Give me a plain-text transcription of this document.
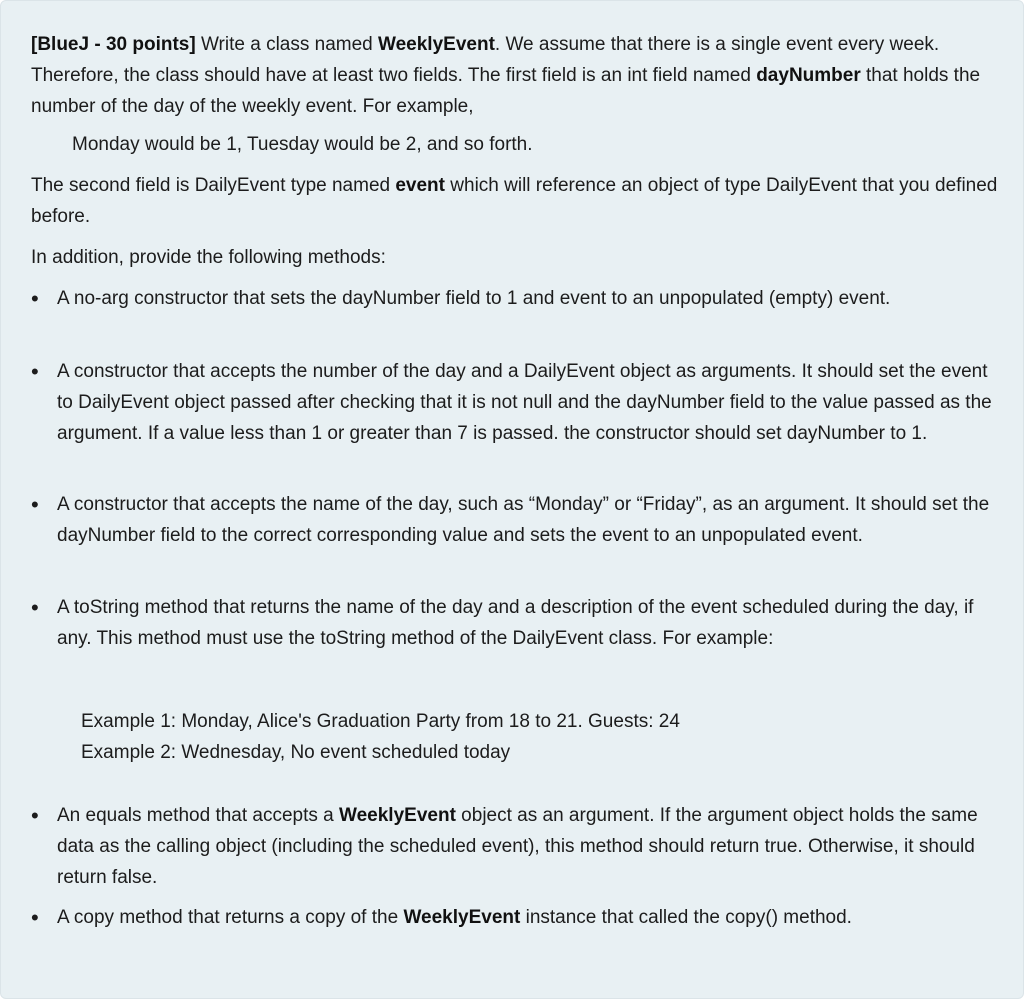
[BlueJ - 30 points] Write a class named WeeklyEvent. We assume that there is a single event every week. Therefore, the class should have at least two fields. The first field is an int field named dayNumber that holds the number of the day of the weekly event. For example,

Monday would be 1, Tuesday would be 2, and so forth.

The second field is DailyEvent type named event which will reference an object of type DailyEvent that you defined before.

In addition, provide the following methods:

• A no-arg constructor that sets the dayNumber field to 1 and event to an unpopulated (empty) event.

• A constructor that accepts the number of the day and a DailyEvent object as arguments. It should set the event to DailyEvent object passed after checking that it is not null and the dayNumber field to the value passed as the argument. If a value less than 1 or greater than 7 is passed. the constructor should set dayNumber to 1.

• A constructor that accepts the name of the day, such as “Monday” or “Friday”, as an argument. It should set the dayNumber field to the correct corresponding value and sets the event to an unpopulated event.

• A toString method that returns the name of the day and a description of the event scheduled during the day, if any. This method must use the toString method of the DailyEvent class. For example:

Example 1: Monday, Alice's Graduation Party from 18 to 21. Guests: 24

Example 2: Wednesday, No event scheduled today

• An equals method that accepts a WeeklyEvent object as an argument. If the argument object holds the same data as the calling object (including the scheduled event), this method should return true. Otherwise, it should return false.

• A copy method that returns a copy of the WeeklyEvent instance that called the copy() method.
